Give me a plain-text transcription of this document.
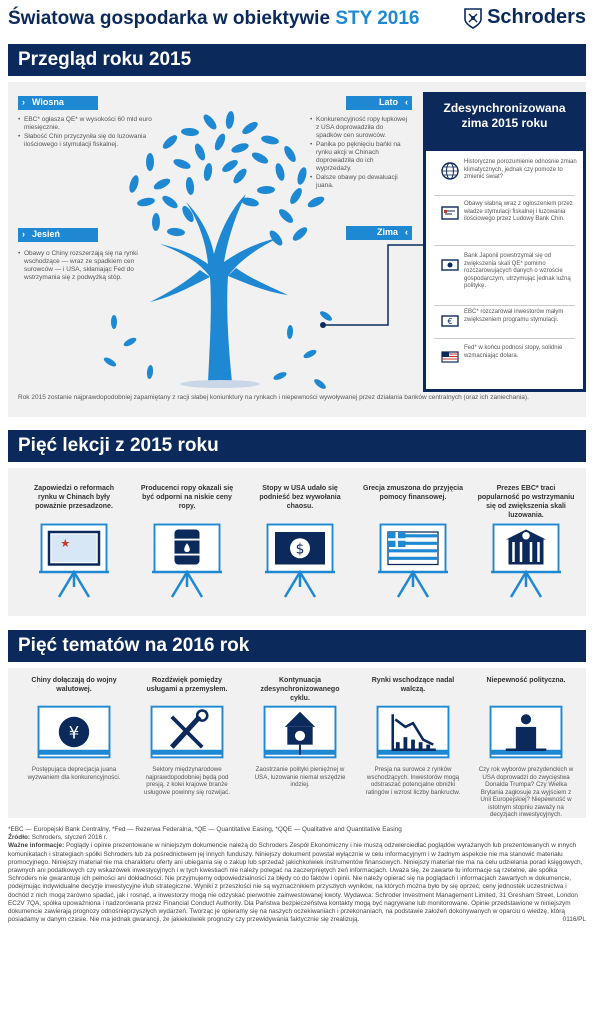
Światowa gospodarka w obiektywie STY 2016	Schroders
Przegląd roku 2015
› Wiosna
• EBC* ogłasza QE* w wysokości 60 mld euro miesięcznie.
• Słabość Chin przyczyniła się do luzowania ilościowego i stymulacji fiskalnej.
Lato ‹
• Konkurencyjność ropy łupkowej z USA doprowadziła do spadków cen surowców.
• Panika po pęknięciu bańki na rynku akcji w Chinach doprowadziła do ich wyprzedaży.
• Dalsze obawy po dewaluacji juana.
› Jesień
• Obawy o Chiny rozszerzają się na rynki wschodzące — wraz ze spadkiem cen surowców — i USA, skłaniając Fed do wstrzymania się z podwyżką stóp.
Zima ‹
Zdesynchronizowana zima 2015 roku
Historyczne porozumienie odnośnie zmian klimatycznych, jednak czy pomoże to zmienić świat?
Obawy słabną wraz z ogłoszeniem przez władze stymulacji fiskalnej i luzowania ilościowego przez Ludowy Bank Chin.
Bank Japonii powstrzymał się od zwiększenia skali QE* pomimo rozczarowujących danych o wzroście gospodarczym, utrzymując jednak luźną politykę.
€
EBC* rozczarował inwestorów małym zwiększeniem programu stymulacji.
Fed* w końcu podnosi stopy, solidnie wzmacniając dolara.
Rok 2015 zostanie najprawdopodobniej zapamiętany z racji słabej koniunktury na rynkach i niepewności wywoływanej przez działania banków centralnych (oraz ich zaniechania).
Pięć lekcji z 2015 roku
Zapowiedzi o reformach rynku w Chinach były poważnie przesadzone.
★
Producenci ropy okazali się być odporni na niskie ceny ropy.
Stopy w USA udało się podnieść bez wywołania chaosu.
$
Grecja zmuszona do przyjęcia pomocy finansowej.
Prezes EBC* traci popularność po wstrzymaniu się od zwiększenia skali luzowania.
Pięć tematów na 2016 rok
Chiny dołączają do wojny walutowej.
¥
Postępująca deprecjacja juana wyzwaniem dla konkurencyjności.
Rozdźwięk pomiędzy usługami a przemysłem.
Sektory międzynarodowe najprawdopodobniej będą pod presją, z kolei krajowe branże usługowe powinny się rozwijać.
Kontynuacja zdesynchronizowanego cyklu.
Zaostrzanie polityki pieniężnej w USA, luzowanie niemal wszędzie indziej.
Rynki wschodzące nadal walczą.
Presja na surowce z rynków wschodzących. Inwestorów mogą odstraszać potencjalne obniżki ratingów i wzrost liczby bankructw.
Niepewność polityczna.
Czy rok wyborów prezydenckich w USA doprowadzi do zwycięstwa Donalda Trumpa? Czy Wielka Brytania zagłosuje za wyjściem z Unii Europejskiej? Niepewność w istotnym stopniu zaważy na decyzjach inwestycyjnych.

*EBC — Europejski Bank Centralny, *Fed — Rezerwa Federalna, *QE — Quantitative Easing, *QQE — Qualitative and Quantitative Easing

Źródło: Schroders, styczeń 2016 r.

Ważne informacje: Poglądy i opinie prezentowane w niniejszym dokumencie należą do Schroders Zespół Ekonomiczny i nie muszą odzwierciedlać poglądów wyrażanych lub prezentowanych w innych komunikatach i strategiach spółki Schroders lub za pośrednictwem jej innych funduszy. Niniejszy dokument powstał wyłącznie w celu informacyjnym i w żadnym aspekcie nie ma stanowić materiału promocyjnego. Niniejszy materiał nie ma charakteru oferty ani ubiegania się o zakup lub sprzedaż jakichkolwiek instrumentów finansowych. Niniejszy materiał nie ma na celu udzielania porad księgowych, prawnych ani podatkowych czy wskazówek inwestycyjnych i w tych kwestiach nie należy polegać na zaczerpniętych zeń informacjach. Uważa się, że zawarte tu informacje są rzetelne, ale spółka Schroders nie gwarantuje ich pełności ani dokładności. Nie przyjmujemy odpowiedzialności za błędy co do faktów i opinii. Nie należy opierać się na poglądach i informacjach zawartych w dokumencie, podejmując indywidualne decyzje inwestycyjne i/lub strategiczne. Wyniki z przeszłości nie są wyznacznikiem przyszłych wyników, na których można było by się oprzeć; ceny jednostek uczestnictwa i dochód z nich mogą zarówno spadać, jak i rosnąć, a inwestorzy mogą nie odzyskać pierwotnie zainwestowanej kwoty. Wydawca: Schroder Investment Management Limited, 31 Gresham Street, London EC2V 7QA, spółka upoważniona i nadzorowana przez Financial Conduct Authority. Dla Państwa bezpieczeństwa kontakty mogą być nagrywane lub monitorowane. Opinie przedstawione w niniejszym dokumencie zawierają prognozy odnośnieprzyszłych wydarzeń. Tworząc je opieramy się na naszych oczekiwaniach i przekonaniach, na podstawie założeń dokonywanych w oparciu o wiedzę, którą posiadamy w danym czasie. Nie ma jednak gwarancji, że jakiekolwiek prognozy czy przewidywania faktycznie się zrealizują.	0116/PL
